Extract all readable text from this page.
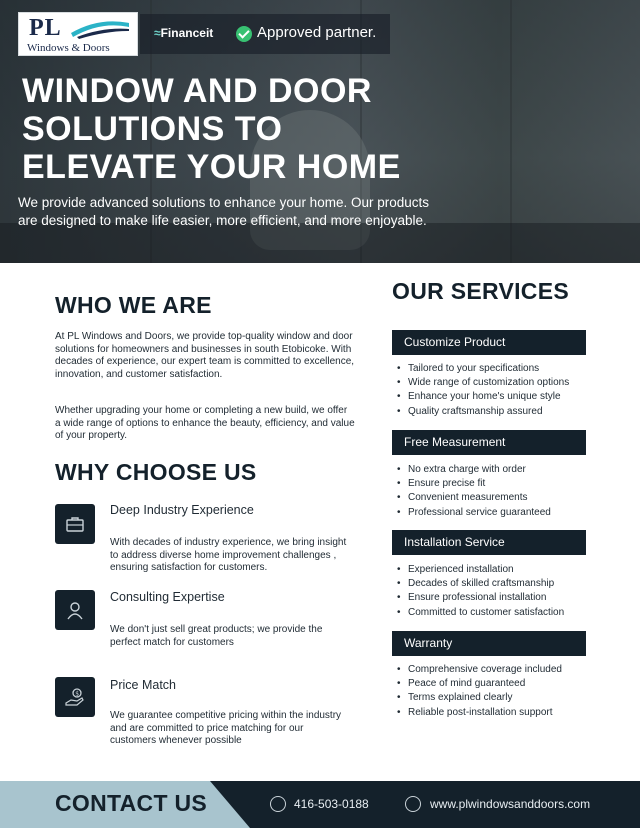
PL
Windows & Doors
≈Financeit	Approved partner.
WINDOW AND DOOR SOLUTIONS TO ELEVATE YOUR HOME

We provide advanced solutions to enhance your home. Our products are designed to make life easier, more efficient, and more enjoyable.

WHO WE ARE

At PL Windows and Doors, we provide top-quality window and door solutions for homeowners and businesses in south Etobicoke. With decades of experience, our expert team is committed to excellence, innovation, and customer satisfaction.

Whether upgrading your home or completing a new build, we offer a wide range of options to enhance the beauty, efficiency, and value of your property.

WHY CHOOSE US
Deep Industry Experience
With decades of industry experience, we bring insight to address diverse home improvement challenges , ensuring satisfaction for customers.
Consulting Expertise
We don't just sell great products; we provide the perfect match for customers
$
Price Match
We guarantee competitive pricing within the industry and are committed to price matching for our customers whenever possible
OUR SERVICES
Customize Product
• Tailored to your specifications
• Wide range of customization options
• Enhance your home's unique style
• Quality craftsmanship assured
Free Measurement
• No extra charge with order
• Ensure precise fit
• Convenient measurements
• Professional service guaranteed
Installation Service
• Experienced installation
• Decades of skilled craftsmanship
• Ensure professional installation
• Committed to customer satisfaction
Warranty
• Comprehensive coverage included
• Peace of mind guaranteed
• Terms explained clearly
• Reliable post-installation support
CONTACT US	416-503-0188	www.plwindowsanddoors.com
